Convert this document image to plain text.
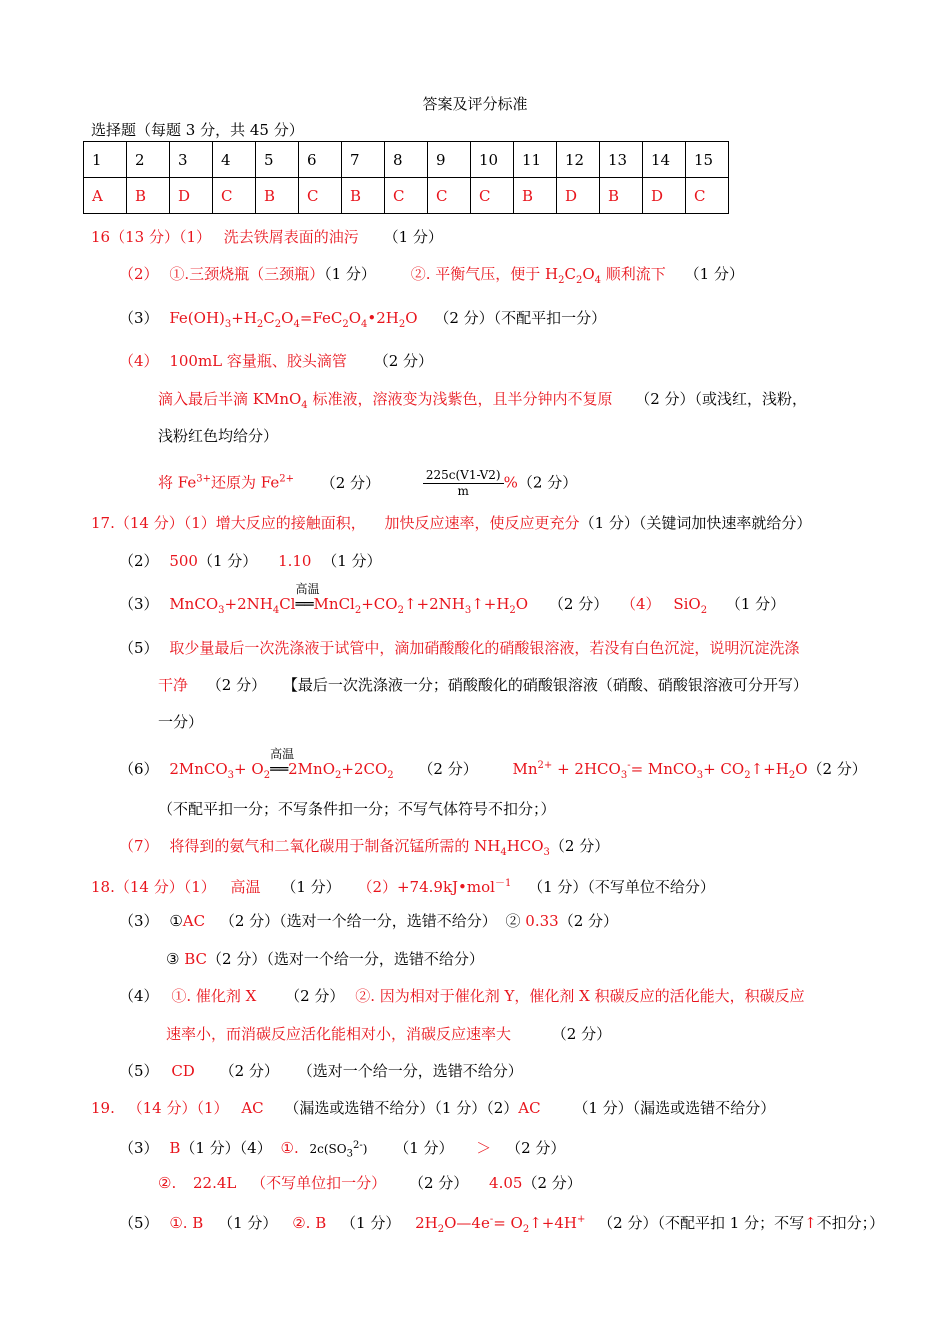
答案及评分标准
选择题（每题 3 分，共 45 分）
1	2	3	4	5	6	7	8	9	10	11	12	13	14	15
A	B	D	C	B	C	B	C	C	C	B	D	B	D	C
16（13 分）（1） 洗去铁屑表面的油污 （1 分）
（2） ①.三颈烧瓶（三颈瓶）（1 分） ②. 平衡气压，便于 $H_2C_2O_4$ 顺利流下 （1 分）
（3） $Fe(OH)_3+H_2C_2O_4=FeC_2O_4•2H_2O$ （2 分）（不配平扣一分）
（4） 100mL 容量瓶、胶头滴管 （2 分）
滴入最后半滴 KMnO$_4$ 标准液，溶液变为浅紫色，且半分钟内不复原 （2 分）（或浅红，浅粉，
浅粉红色均给分）
将 $Fe^{3+}$还原为 $Fe^{2+}$ （2 分）	$\frac{225c(V1-V2)}{m} \%(2$ 分）
17.（14 分）（1）增大反应的接触面积， 加快反应速率，使反应更充分（1 分）（关键词加快速率就给分）
（2） 500（1 分） 1.10 （1 分）
（3） $MnCO_3+2NH_4Cl$
高温
$══MnCl_2+CO_2↑+2NH_3↑+H_2O$ （2 分） （4） SiO$_2$ （1 分）
（5） 取少量最后一次洗涤液于试管中，滴加硝酸酸化的硝酸银溶液，若没有白色沉淀，说明沉淀洗涤
干净 （2 分） 【最后一次洗涤液一分；硝酸酸化的硝酸银溶液（硝酸、硝酸银溶液可分开写）
一分）
（6） 2MnCO$_3$+ $O_2$
高温
$══2MnO_2+2CO_2$ （2 分） $Mn^{2+} + 2HCO_3^-=$ MnCO$_3$+ $CO_2↑+H_2O(2$ 分）
（不配平扣一分；不写条件扣一分；不写气体符号不扣分；）
（7） 将得到的氨气和二氧化碳用于制备沉锰所需的 $NH_4HCO_3(2$ 分）
18.（14 分）（1） 高温 （1 分） （2）+74.9kJ•mol$^{-1}$ （1 分）（不写单位不给分）
（3） ①AC （2 分）（选对一个给一分，选错不给分） ② 0.33（2 分）
③ BC（2 分）（选对一个给一分，选错不给分）
（4） ①. 催化剂 X （2 分） ②. 因为相对于催化剂 Y，催化剂 X 积碳反应的活化能大，积碳反应
速率小，而消碳反应活化能相对小，消碳反应速率大	（2 分）
（5） CD （2 分） （选对一个给一分，选错不给分）
19. （14 分）（1） AC （漏选或选错不给分）（1 分）（2）AC （1 分）（漏选或选错不给分）
（3） B（1 分）（4） ①. $2c(SO_3^{2-})$ （1 分） ＞ （2 分）
②. 22.4L （不写单位扣一分） （2 分） 4.05（2 分）
（5） ①. B （1 分） ②. B （1 分） $2H_2O—4e^-=$ $O_2↑+4H^+$ （2 分）（不配平扣 1 分；不写↑不扣分；）
